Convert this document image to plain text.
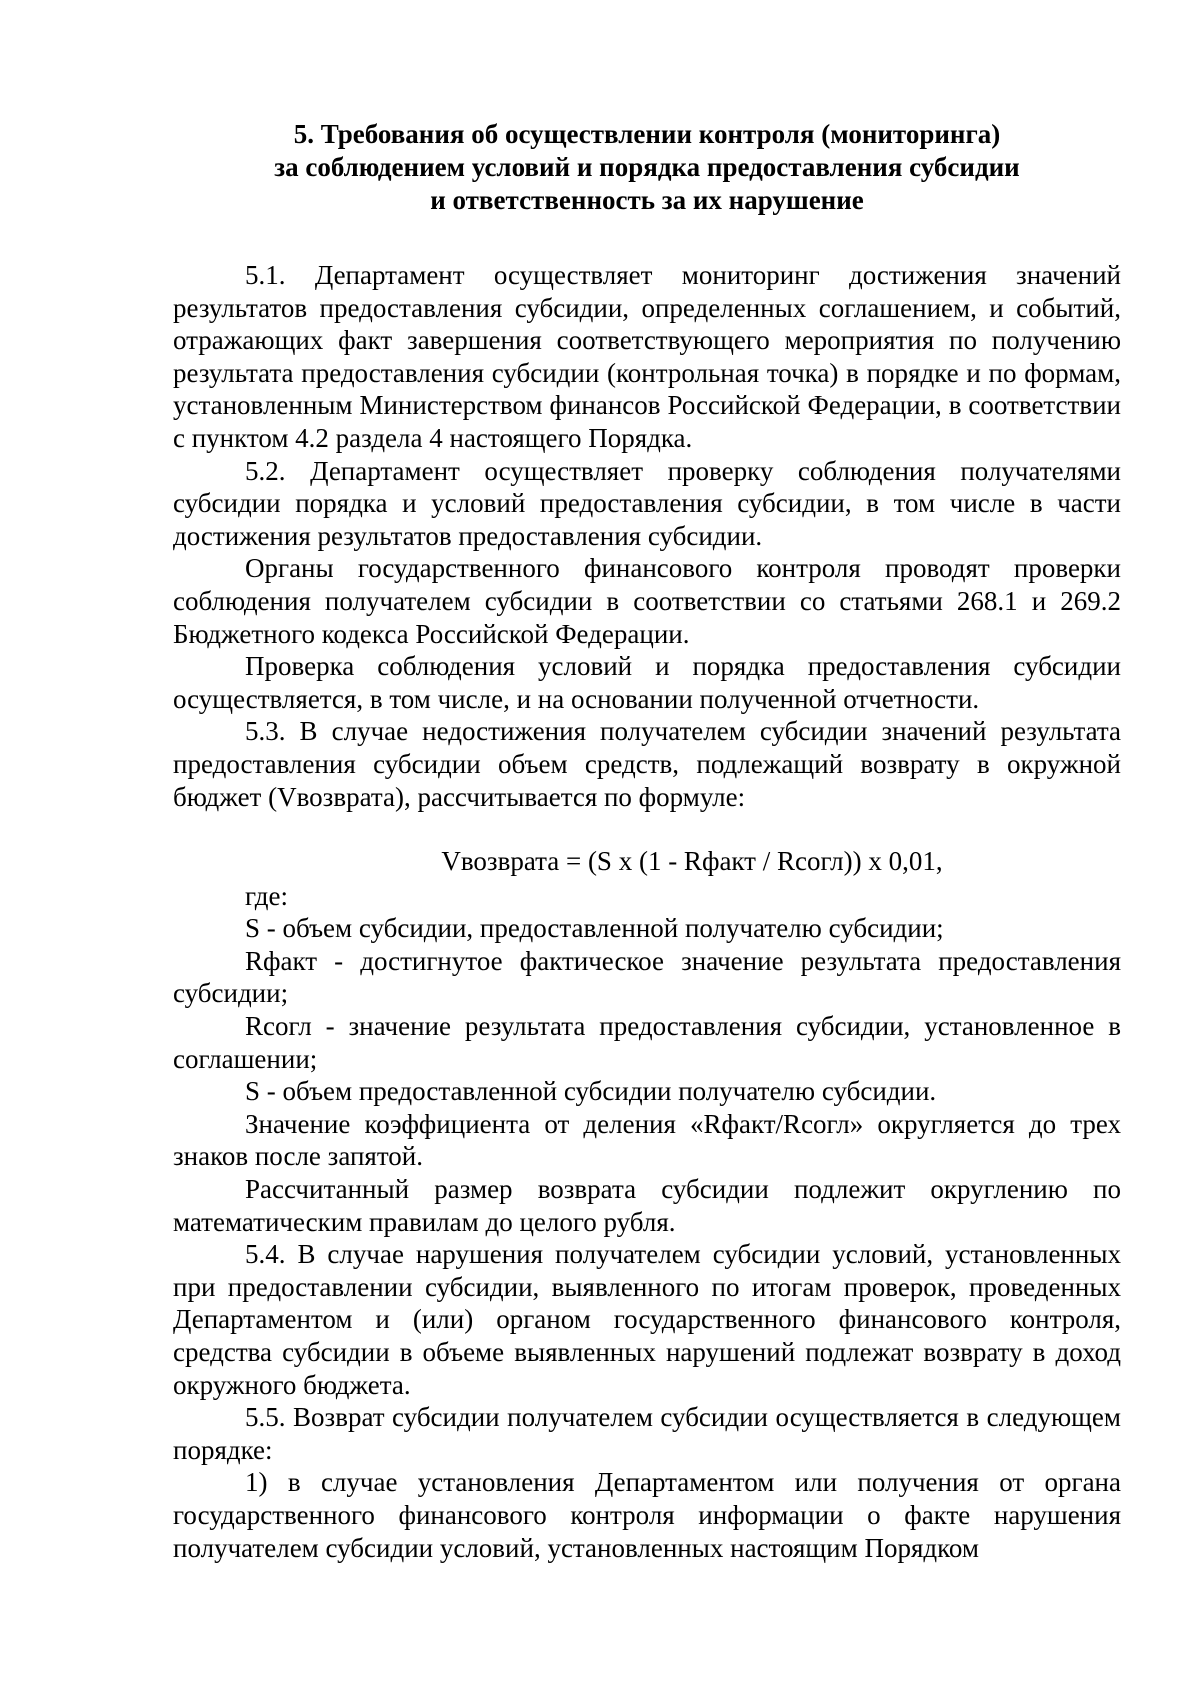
5. Требования об осуществлении контроля (мониторинга)
за соблюдением условий и порядка предоставления субсидии
и ответственность за их нарушение

5.1. Департамент осуществляет мониторинг достижения значений результатов предоставления субсидии, определенных соглашением, и событий, отражающих факт завершения соответствующего мероприятия по получению результата предоставления субсидии (контрольная точка) в порядке и по формам, установленным Министерством финансов Российской Федерации, в соответствии с пунктом 4.2 раздела 4 настоящего Порядка.

5.2. Департамент осуществляет проверку соблюдения получателями субсидии порядка и условий предоставления субсидии, в том числе в части достижения результатов предоставления субсидии.

Органы государственного финансового контроля проводят проверки соблюдения получателем субсидии в соответствии со статьями 268.1 и 269.2 Бюджетного кодекса Российской Федерации.

Проверка соблюдения условий и порядка предоставления субсидии осуществляется, в том числе, и на основании полученной отчетности.

5.3. В случае недостижения получателем субсидии значений результата предоставления субсидии объем средств, подлежащий возврату в окружной бюджет (Vвозврата), рассчитывается по формуле:

Vвозврата = (S x (1 - Rфакт / Rсогл)) x 0,01,
где:

S - объем субсидии, предоставленной получателю субсидии;

Rфакт - достигнутое фактическое значение результата предоставления субсидии;

Rсогл - значение результата предоставления субсидии, установленное в соглашении;

S - объем предоставленной субсидии получателю субсидии.

Значение коэффициента от деления «Rфакт/Rсогл» округляется до трех знаков после запятой.

Рассчитанный размер возврата субсидии подлежит округлению по математическим правилам до целого рубля.

5.4. В случае нарушения получателем субсидии условий, установленных при предоставлении субсидии, выявленного по итогам проверок, проведенных Департаментом и (или) органом государственного финансового контроля, средства субсидии в объеме выявленных нарушений подлежат возврату в доход окружного бюджета.

5.5. Возврат субсидии получателем субсидии осуществляется в следующем порядке:

1) в случае установления Департаментом или получения от органа государственного финансового контроля информации о факте нарушения получателем субсидии условий, установленных настоящим Порядком
